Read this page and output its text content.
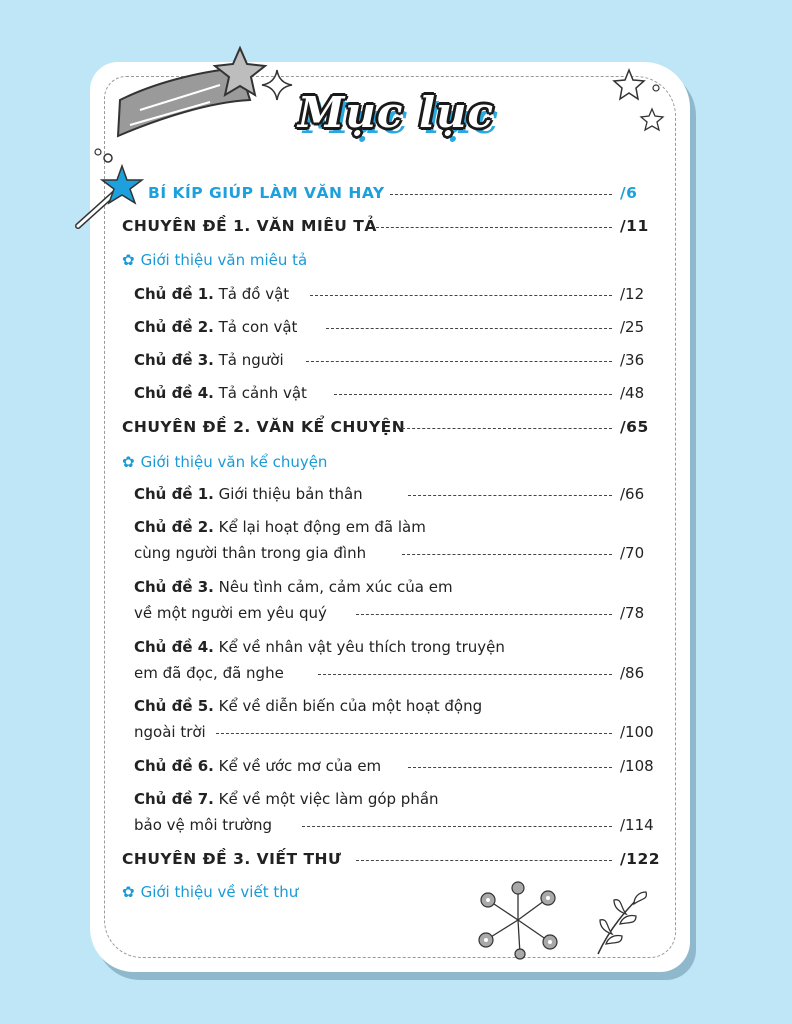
Mục lục
BÍ KÍP GIÚP LÀM VĂN HAY	/6
CHUYÊN ĐỀ 1. VĂN MIÊU TẢ	/11
✿ Giới thiệu văn miêu tả
Chủ đề 1. Tả đồ vật	/12
Chủ đề 2. Tả con vật	/25
Chủ đề 3. Tả người	/36
Chủ đề 4. Tả cảnh vật	/48
CHUYÊN ĐỀ 2. VĂN KỂ CHUYỆN	/65
✿ Giới thiệu văn kể chuyện
Chủ đề 1. Giới thiệu bản thân	/66
Chủ đề 2. Kể lại hoạt động em đã làm
cùng người thân trong gia đình	/70
Chủ đề 3. Nêu tình cảm, cảm xúc của em
về một người em yêu quý	/78
Chủ đề 4. Kể về nhân vật yêu thích trong truyện
em đã đọc, đã nghe	/86
Chủ đề 5. Kể về diễn biến của một hoạt động
ngoài trời	/100
Chủ đề 6. Kể về ước mơ của em	/108
Chủ đề 7. Kể về một việc làm góp phần
bảo vệ môi trường	/114
CHUYÊN ĐỀ 3. VIẾT THƯ	/122
✿ Giới thiệu về viết thư
